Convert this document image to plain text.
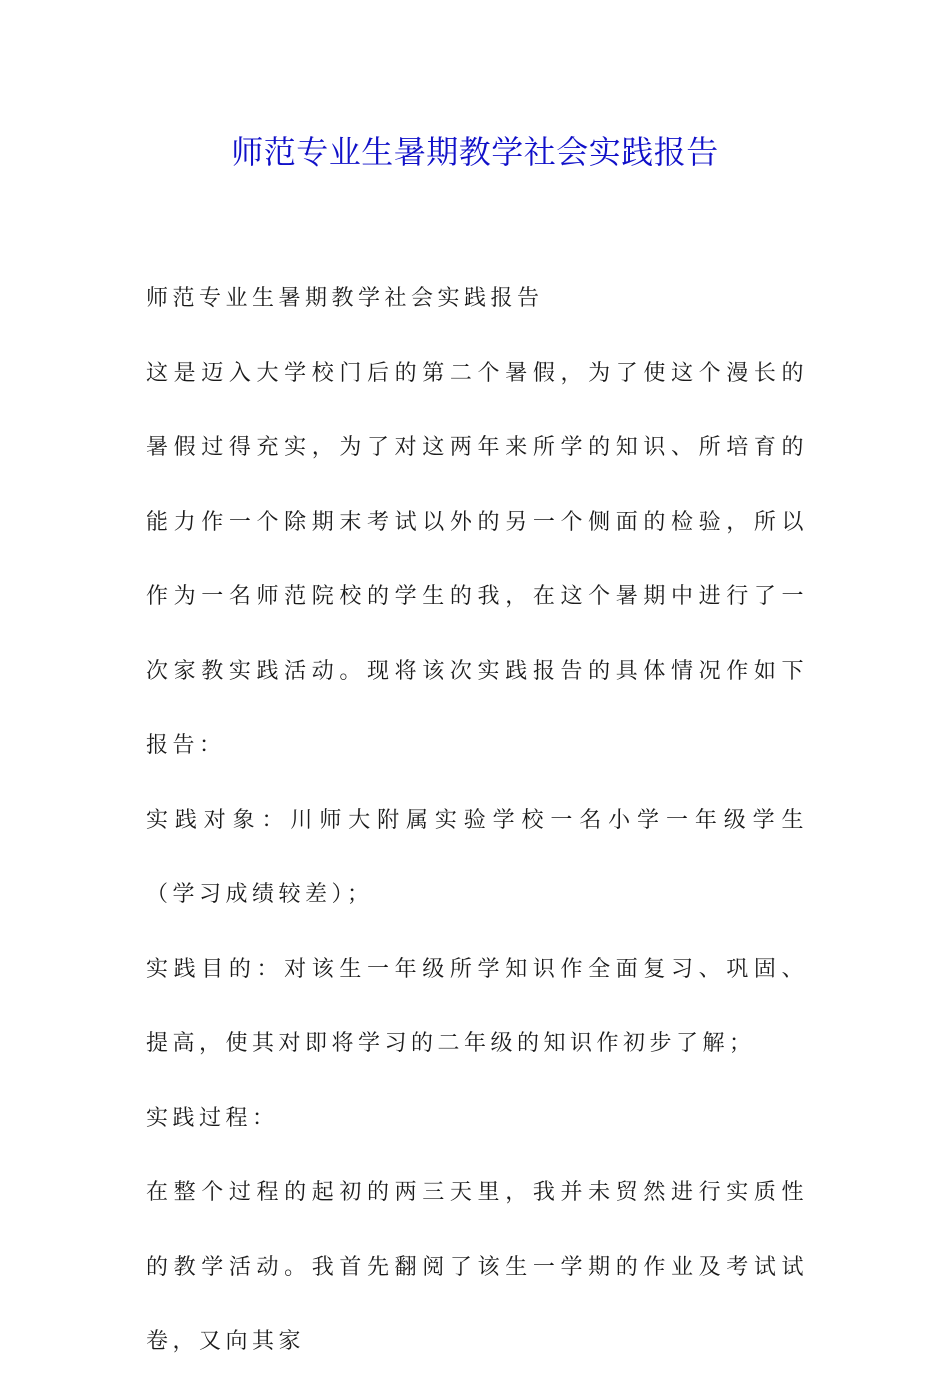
师范专业生暑期教学社会实践报告

师范专业生暑期教学社会实践报告

这是迈入大学校门后的第二个暑假，为了使这个漫长的暑假过得充实，为了对这两年来所学的知识、所培育的能力作一个除期末考试以外的另一个侧面的检验，所以作为一名师范院校的学生的我，在这个暑期中进行了一次家教实践活动。现将该次实践报告的具体情况作如下报告：

实践对象：川师大附属实验学校一名小学一年级学生（学习成绩较差）；

实践目的：对该生一年级所学知识作全面复习、巩固、提高，使其对即将学习的二年级的知识作初步了解；

实践过程：

在整个过程的起初的两三天里，我并未贸然进行实质性的教学活动。我首先翻阅了该生一学期的作业及考试试卷，又向其家
